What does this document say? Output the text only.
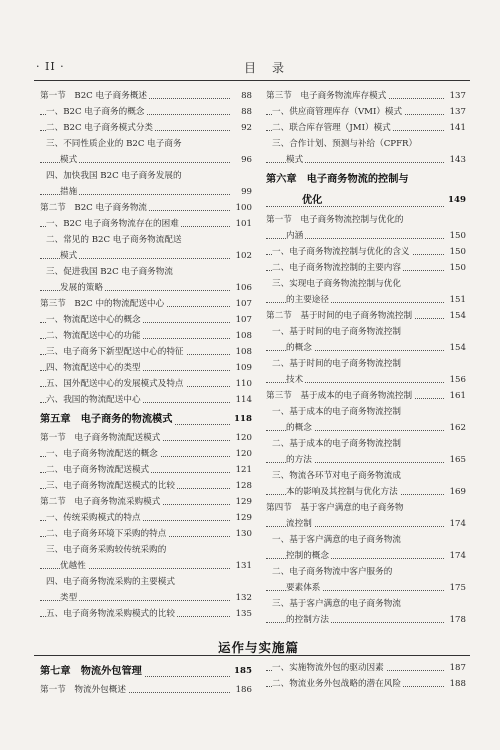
· II ·	目录
第一节　B2C 电子商务概述	88
一、B2C 电子商务的概念	88
二、B2C 电子商务模式分类	92
三、不同性质企业的 B2C 电子商务
模式	96
四、加快我国 B2C 电子商务发展的
措施	99
第二节　B2C 电子商务物流	100
一、B2C 电子商务物流存在的困难	101
二、常见的 B2C 电子商务物流配送
模式	102
三、促进我国 B2C 电子商务物流
发展的策略	106
第三节　B2C 中的物流配送中心	107
一、物流配送中心的概念	107
二、物流配送中心的功能	108
三、电子商务下新型配送中心的特征	108
四、物流配送中心的类型	109
五、国外配送中心的发展模式及特点	110
六、我国的物流配送中心	114
第五章　电子商务的物流模式	118
第一节　电子商务物流配送模式	120
一、电子商务物流配送的概念	120
二、电子商务物流配送模式	121
三、电子商务物流配送模式的比较	128
第二节　电子商务物流采购模式	129
一、传统采购模式的特点	129
二、电子商务环境下采购的特点	130
三、电子商务采购较传统采购的
优越性	131
四、电子商务物流采购的主要模式
类型	132
五、电子商务物流采购模式的比较	135
第三节　电子商务物流库存模式	137
一、供应商管理库存（VMI）模式	137
二、联合库存管理（JMI）模式	141
三、合作计划、预测与补给（CPFR）
模式	143
第六章　电子商务物流的控制与
优化	149
第一节　电子商务物流控制与优化的
内涵	150
一、电子商务物流控制与优化的含义	150
二、电子商务物流控制的主要内容	150
三、实现电子商务物流控制与优化
的主要途径	151
第二节　基于时间的电子商务物流控制	154
一、基于时间的电子商务物流控制
的概念	154
二、基于时间的电子商务物流控制
技术	156
第三节　基于成本的电子商务物流控制	161
一、基于成本的电子商务物流控制
的概念	162
二、基于成本的电子商务物流控制
的方法	165
三、物流各环节对电子商务物流成
本的影响及其控制与优化方法	169
第四节　基于客户满意的电子商务物
流控制	174
一、基于客户满意的电子商务物流
控制的概念	174
二、电子商务物流中客户服务的
要素体系	175
三、基于客户满意的电子商务物流
的控制方法	178
运作与实施篇
第七章　物流外包管理	185
第一节　物流外包概述	186
一、实施物流外包的驱动因素	187
二、物流业务外包战略的潜在风险	188
